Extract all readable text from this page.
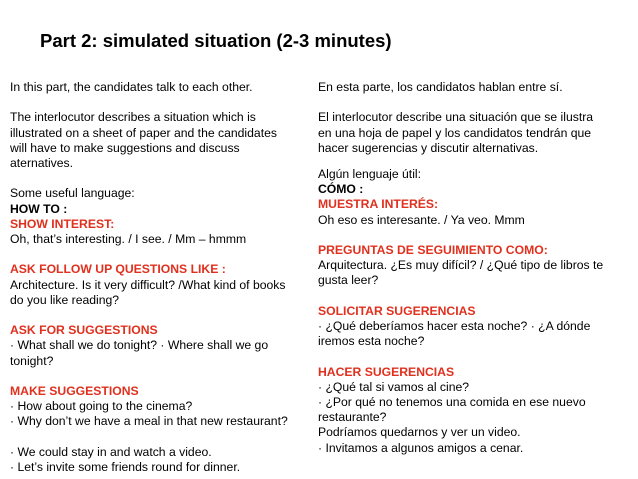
Part 2: simulated situation (2-3 minutes)
In this part, the candidates talk to each other.
The interlocutor describes a situation which is
illustrated on a sheet of paper and the candidates
will have to make suggestions and discuss
aternatives.
Some useful language:
HOW TO :
SHOW INTEREST:
Oh, that’s interesting. / I see. / Mm – hmmm
ASK FOLLOW UP QUESTIONS LIKE :
Architecture. Is it very difficult? /What kind of books
do you like reading?
ASK FOR SUGGESTIONS
· What shall we do tonight? · Where shall we go
tonight?
MAKE SUGGESTIONS
· How about going to the cinema?
· Why don’t we have a meal in that new restaurant?
· We could stay in and watch a video.
· Let’s invite some friends round for dinner.
En esta parte, los candidatos hablan entre sí.
El interlocutor describe una situación que se ilustra
en una hoja de papel y los candidatos tendrán que
hacer sugerencias y discutir alternativas.
Algún lenguaje útil:
CÓMO :
MUESTRA INTERÉS:
Oh eso es interesante. / Ya veo. Mmm
PREGUNTAS DE SEGUIMIENTO COMO:
Arquitectura. ¿Es muy difícil? / ¿Qué tipo de libros te
gusta leer?
SOLICITAR SUGERENCIAS
· ¿Qué deberíamos hacer esta noche? · ¿A dónde
iremos esta noche?
HACER SUGERENCIAS
· ¿Qué tal si vamos al cine?
· ¿Por qué no tenemos una comida en ese nuevo
restaurante?
Podríamos quedarnos y ver un video.
· Invitamos a algunos amigos a cenar.
